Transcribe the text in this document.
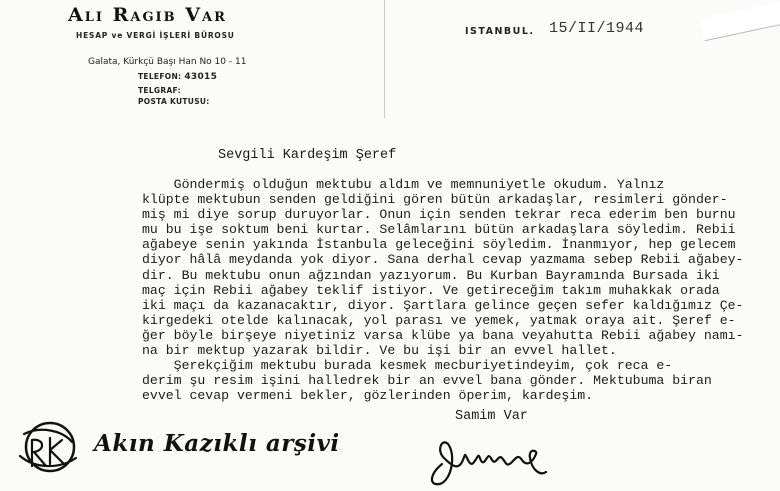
Alı Ragıb Var
HESAP ve VERGİ İŞLERİ BÜROSU
Galata, Kürkçü Başı Han No 10 - 11
TELEFON: 43015
TELGRAF:
POSTA KUTUSU:
ISTANBUL. 15/II/1944
Sevgili Kardeşim Şeref
Göndermiş olduğun mektubu aldım ve memnuniyetle okudum. Yalnız
klüpte mektubun senden geldiğini gören bütün arkadaşlar, resimleri gönder-
miş mi diye sorup duruyorlar. Onun için senden tekrar reca ederim ben burnu
mu bu işe soktum beni kurtar. Selâmlarını bütün arkadaşlara söyledim. Rebii
ağabeye senin yakında İstanbula geleceğini söyledim. İnanmıyor, hep gelecem
diyor hâlâ meydanda yok diyor. Sana derhal cevap yazmama sebep Rebii ağabey-
dir. Bu mektubu onun ağzından yazıyorum. Bu Kurban Bayramında Bursada iki
maç için Rebii ağabey teklif istiyor. Ve getireceğim takım muhakkak orada
iki maçı da kazanacaktır, diyor. Şartlara gelince geçen sefer kaldığımız Çe-
kirgedeki otelde kalınacak, yol parası ve yemek, yatmak oraya ait. Şeref e-
ğer böyle birşeye niyetiniz varsa klübe ya bana veyahutta Rebii ağabey namı-
na bir mektup yazarak bildir. Ve bu işi bir an evvel hallet.
Şerekçiğim mektubu burada kesmek mecburiyetindeyim, çok reca e-
derim şu resim işini halledrek bir an evvel bana gönder. Mektubuma biran
evvel cevap vermeni bekler, gözlerinden öperim, kardeşim.
Samim Var
Akın Kazıklı arşivi
